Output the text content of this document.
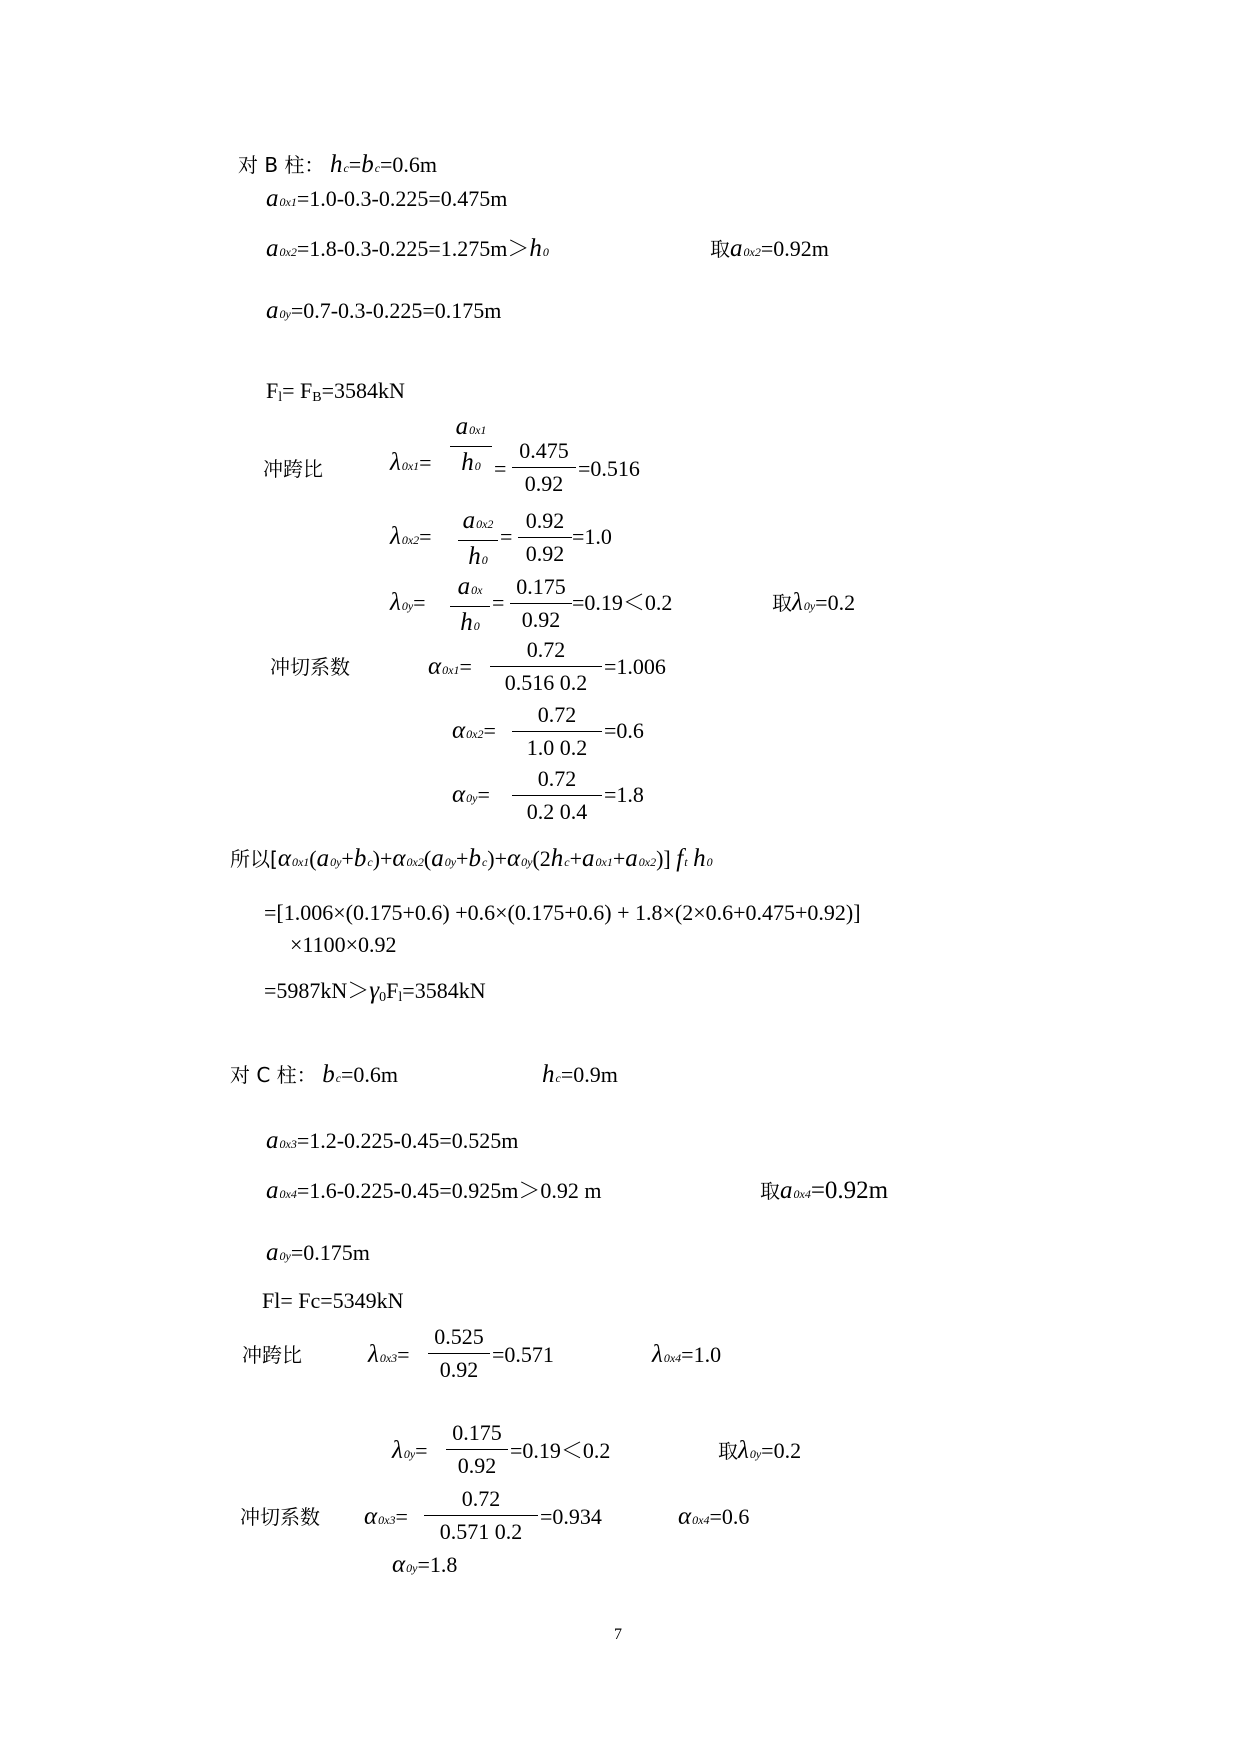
对 B 柱： hc=bc=0.6m
a0x1=1.0-0.3-0.225=0.475m
a0x2=1.8-0.3-0.225=1.275m＞h0	取a0x2=0.92m
a0y=0.7-0.3-0.225=0.175m
Fl= FB=3584kN
冲跨比	λ0x1=
a0x1
h0 =
0.475
0.92
=0.516
λ0x2=
a0x2
h0
=
0.92
0.92
=1.0
λ0y=
a0x
h0
=
0.175
0.92
=0.19＜0.2	取λ0y=0.2
冲切系数	α0x1=
0.72
0.516 0.2
=1.006
α0x2=
0.72
1.0 0.2
=0.6
α0y=
0.72
0.2 0.4
=1.8
所以[α0x1(a0y+bc)+α0x2(a0y+bc)+α0y(2hc+a0x1+a0x2)] ft h0
=[1.006×(0.175+0.6) +0.6×(0.175+0.6) + 1.8×(2×0.6+0.475+0.92)]
×1100×0.92
=5987kN＞γ0Fl=3584kN
对 C 柱： bc=0.6m	hc=0.9m
a0x3=1.2-0.225-0.45=0.525m
a0x4=1.6-0.225-0.45=0.925m＞0.92 m	取a0x4=0.92m
a0y=0.175m
Fl= Fc=5349kN
冲跨比	λ0x3=
0.525
0.92
=0.571	λ0x4=1.0
λ0y=
0.175
0.92
=0.19＜0.2	取λ0y=0.2
冲切系数 α0x3=
0.72
0.571 0.2
=0.934	α0x4=0.6
α0y=1.8
7
